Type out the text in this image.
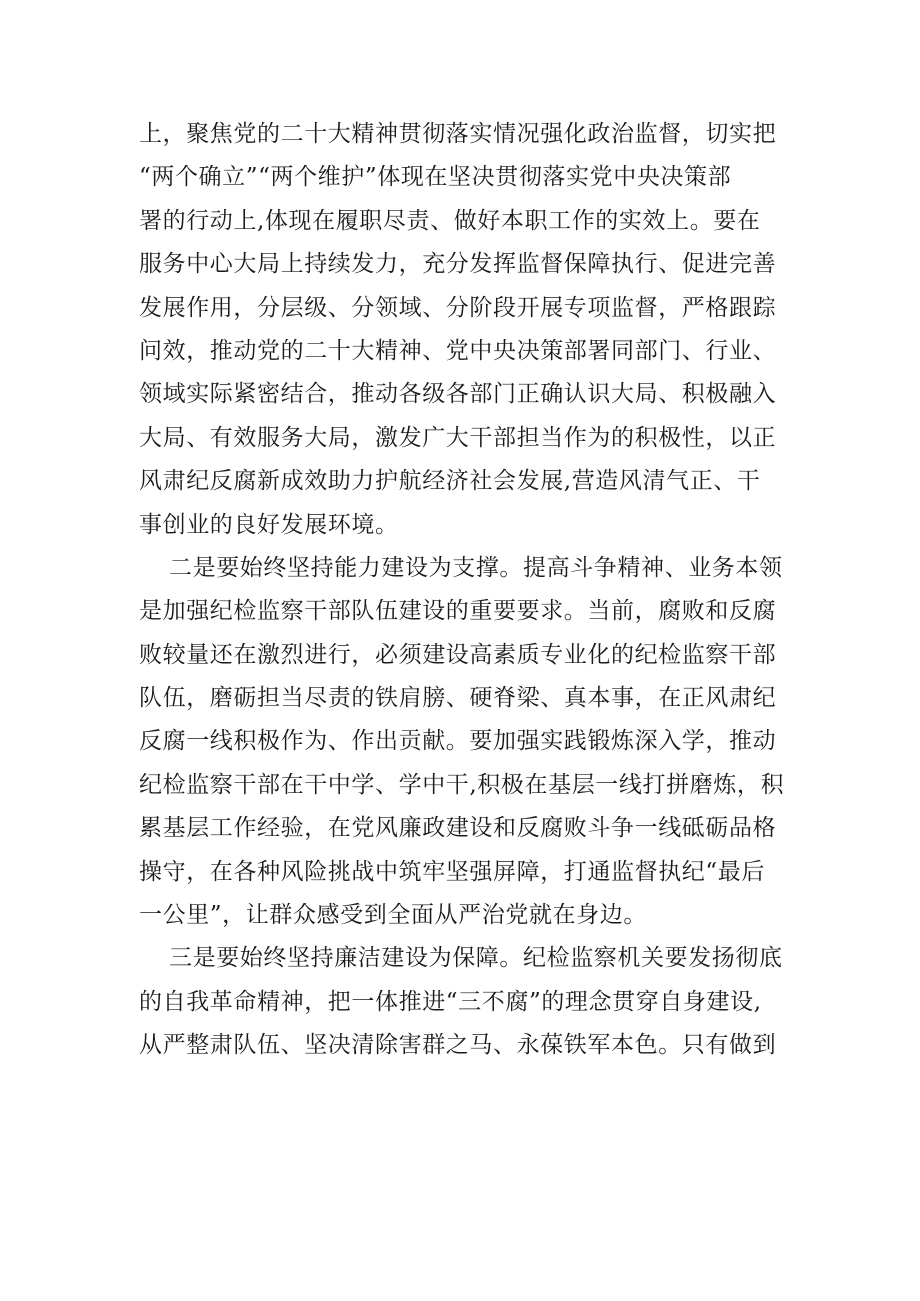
上，聚焦党的二十大精神贯彻落实情况强化政治监督，切实把
“两个确立”“两个维护”体现在坚决贯彻落实党中央决策部
署的行动上,体现在履职尽责、做好本职工作的实效上。要在
服务中心大局上持续发力，充分发挥监督保障执行、促进完善
发展作用，分层级、分领域、分阶段开展专项监督，严格跟踪
问效，推动党的二十大精神、党中央决策部署同部门、行业、
领域实际紧密结合，推动各级各部门正确认识大局、积极融入
大局、有效服务大局，激发广大干部担当作为的积极性，以正
风肃纪反腐新成效助力护航经济社会发展,营造风清气正、干
事创业的良好发展环境。
二是要始终坚持能力建设为支撑。提高斗争精神、业务本领
是加强纪检监察干部队伍建设的重要要求。当前，腐败和反腐
败较量还在激烈进行，必须建设高素质专业化的纪检监察干部
队伍，磨砺担当尽责的铁肩膀、硬脊梁、真本事，在正风肃纪
反腐一线积极作为、作出贡献。要加强实践锻炼深入学，推动
纪检监察干部在干中学、学中干,积极在基层一线打拼磨炼，积
累基层工作经验，在党风廉政建设和反腐败斗争一线砥砺品格
操守，在各种风险挑战中筑牢坚强屏障，打通监督执纪“最后
一公里”，让群众感受到全面从严治党就在身边。
三是要始终坚持廉洁建设为保障。纪检监察机关要发扬彻底
的自我革命精神，把一体推进“三不腐”的理念贯穿自身建设,
从严整肃队伍、坚决清除害群之马、永葆铁军本色。只有做到
